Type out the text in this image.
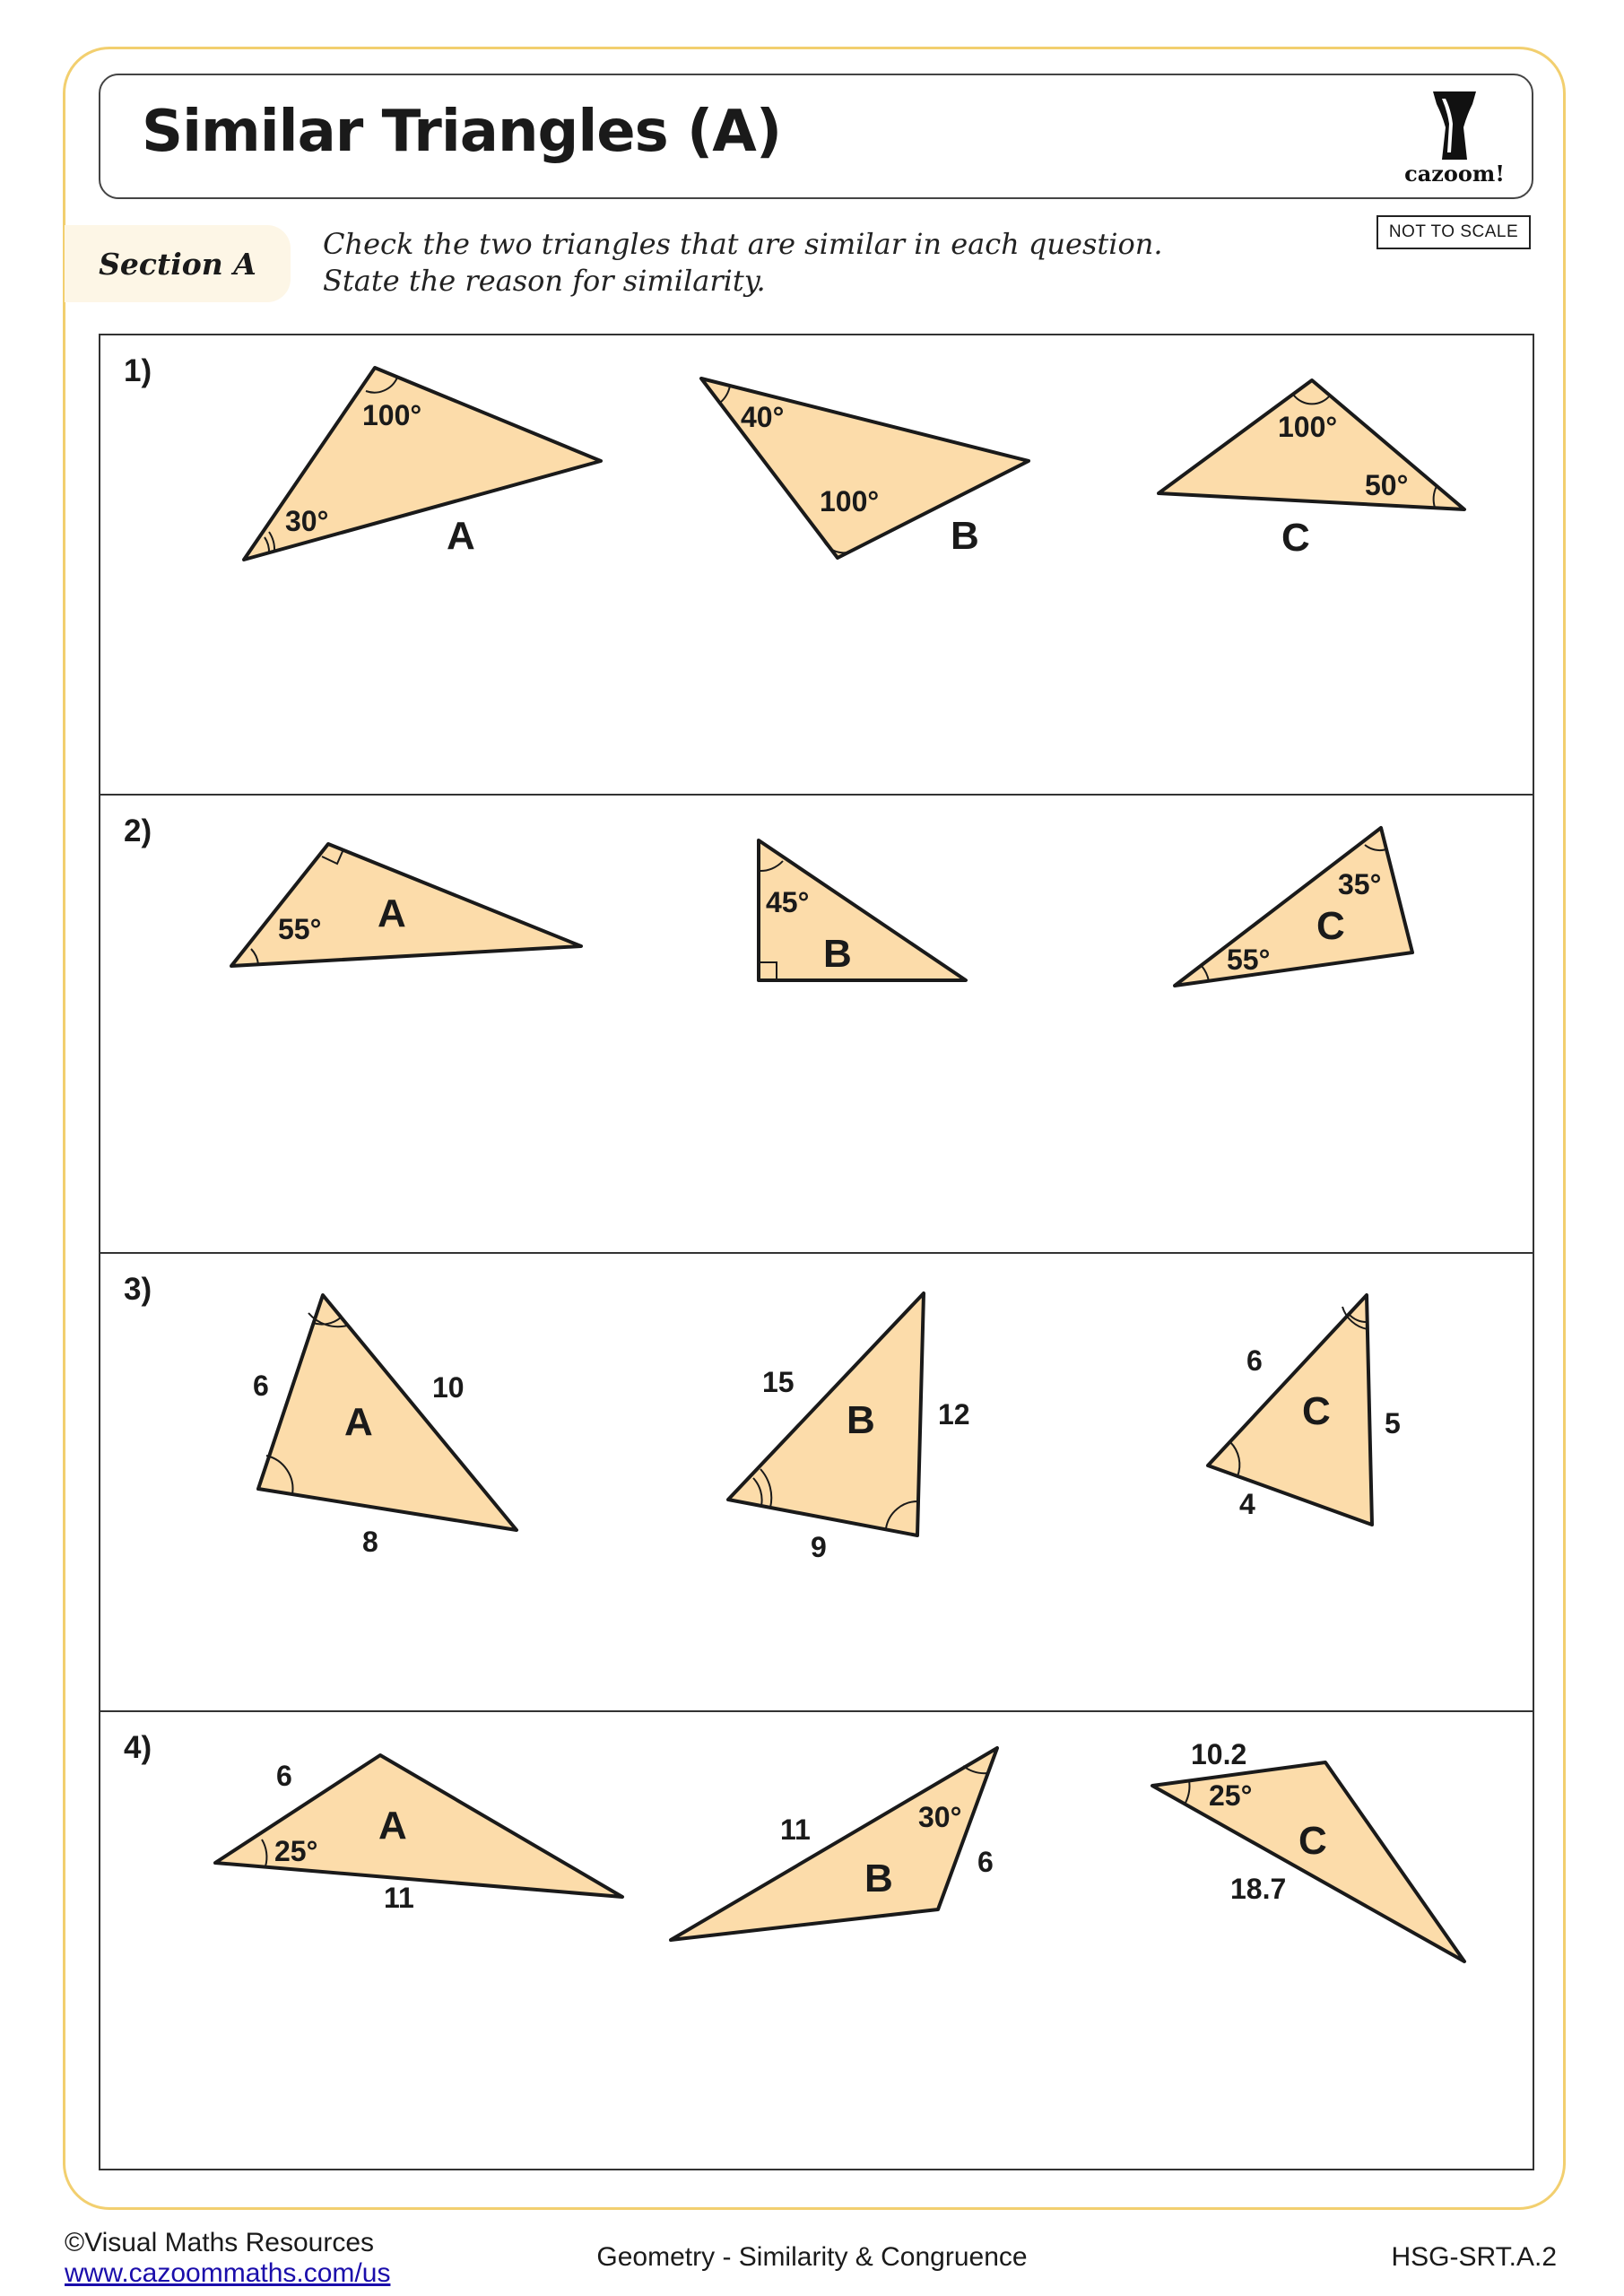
Similar Triangles (A)
cazoom!
NOT TO SCALE
Section A
Check the two triangles that are similar in each question.
State the reason for similarity.
1)
100°
30°	A
40°
100°
B
100°
50°
C
2)
55° A	45°
B
35°
55°
C
3)
6	10
8
A
15
12
9
B
6
5
4
C
4)
6
11
25°
A	11
6
30°
B
10.2
18.7
25°
C
©Visual Maths Resources
www.cazoommaths.com/us
Geometry - Similarity & Congruence	HSG-SRT.A.2
